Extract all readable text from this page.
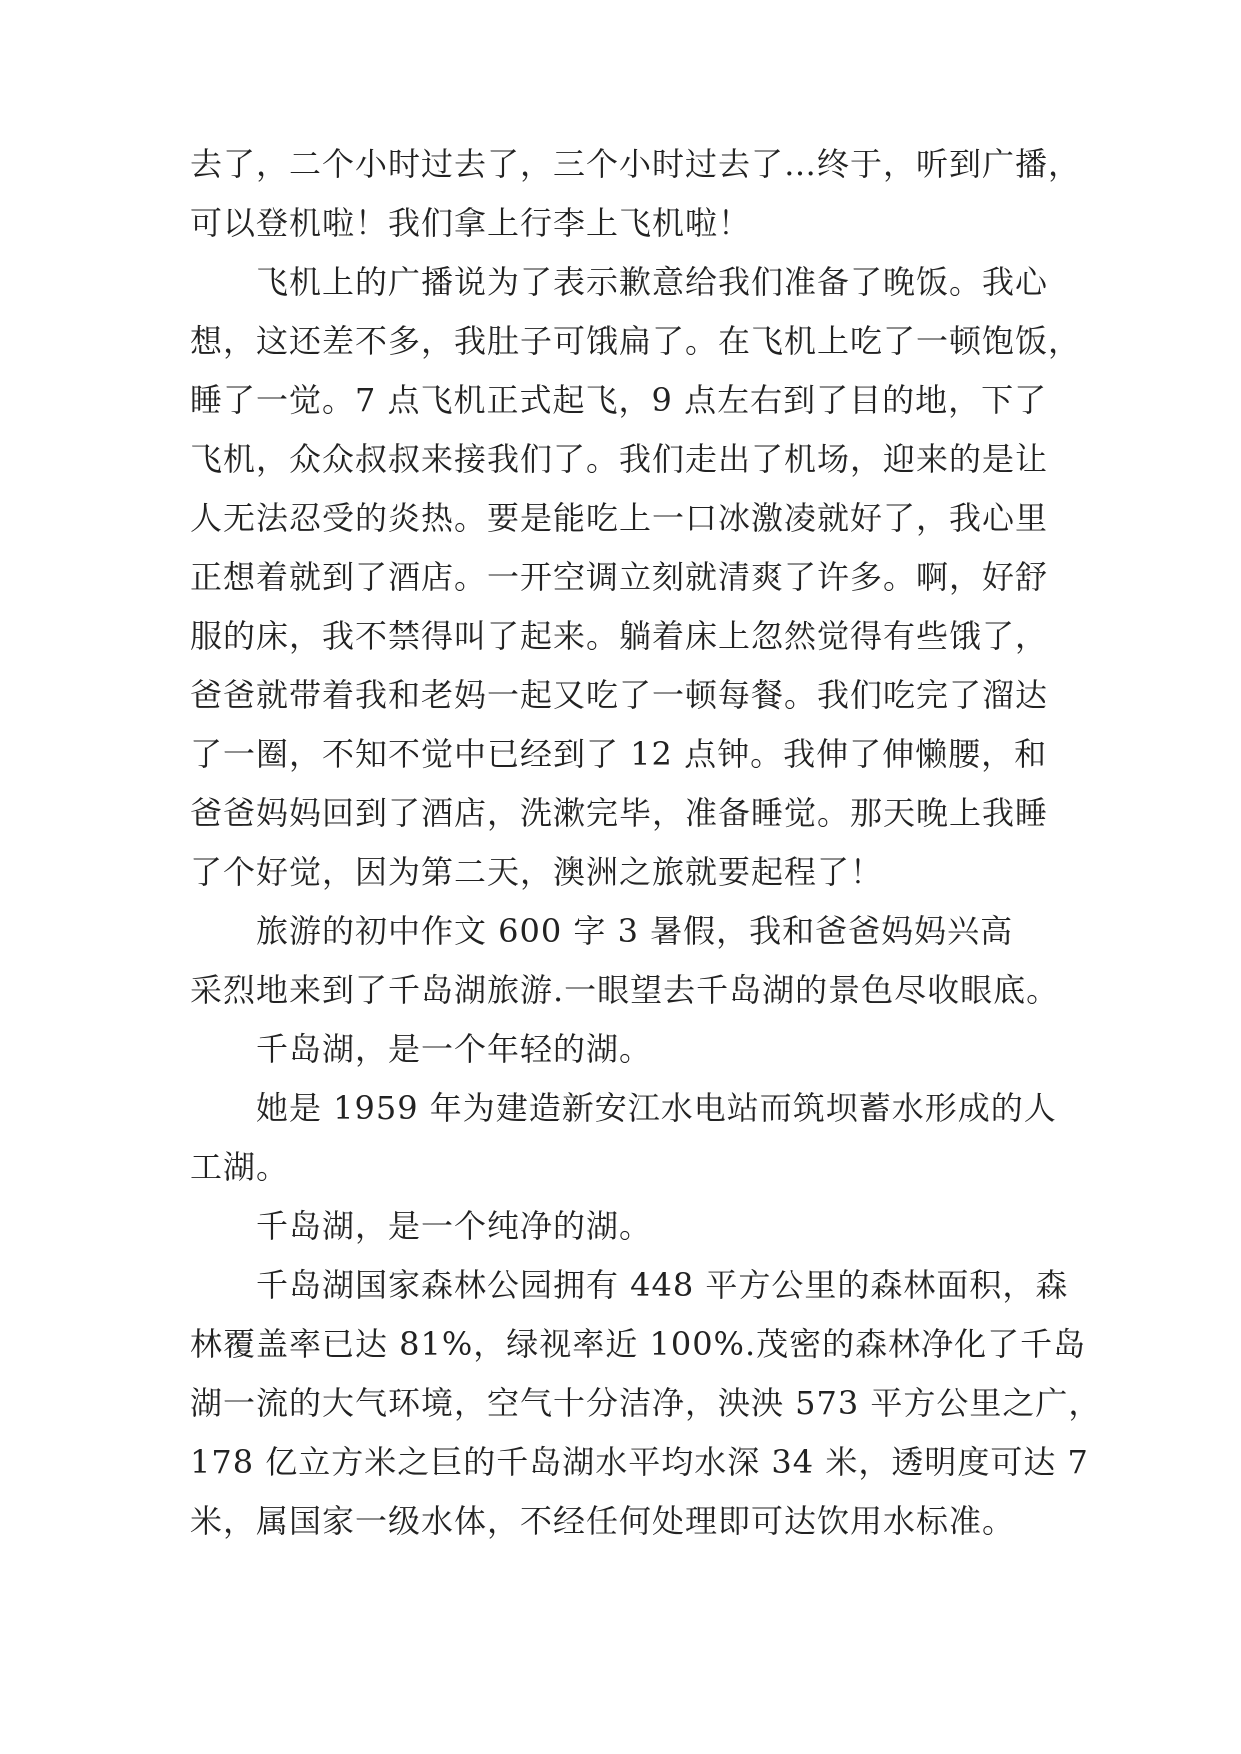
去了，二个小时过去了，三个小时过去了…终于，听到广播，
可以登机啦！我们拿上行李上飞机啦！
飞机上的广播说为了表示歉意给我们准备了晚饭。我心
想，这还差不多，我肚子可饿扁了。在飞机上吃了一顿饱饭，
睡了一觉。7 点飞机正式起飞，9 点左右到了目的地，下了
飞机，众众叔叔来接我们了。我们走出了机场，迎来的是让
人无法忍受的炎热。要是能吃上一口冰激凌就好了，我心里
正想着就到了酒店。一开空调立刻就清爽了许多。啊，好舒
服的床，我不禁得叫了起来。躺着床上忽然觉得有些饿了，
爸爸就带着我和老妈一起又吃了一顿每餐。我们吃完了溜达
了一圈，不知不觉中已经到了 12 点钟。我伸了伸懒腰，和
爸爸妈妈回到了酒店，洗漱完毕，准备睡觉。那天晚上我睡
了个好觉，因为第二天，澳洲之旅就要起程了！
旅游的初中作文 600 字 3 暑假，我和爸爸妈妈兴高
采烈地来到了千岛湖旅游.一眼望去千岛湖的景色尽收眼底。
千岛湖，是一个年轻的湖。
她是 1959 年为建造新安江水电站而筑坝蓄水形成的人
工湖。
千岛湖，是一个纯净的湖。
千岛湖国家森林公园拥有 448 平方公里的森林面积，森
林覆盖率已达 81%，绿视率近 100%.茂密的森林净化了千岛
湖一流的大气环境，空气十分洁净，泱泱 573 平方公里之广，
178 亿立方米之巨的千岛湖水平均水深 34 米，透明度可达 7
米，属国家一级水体，不经任何处理即可达饮用水标准。
